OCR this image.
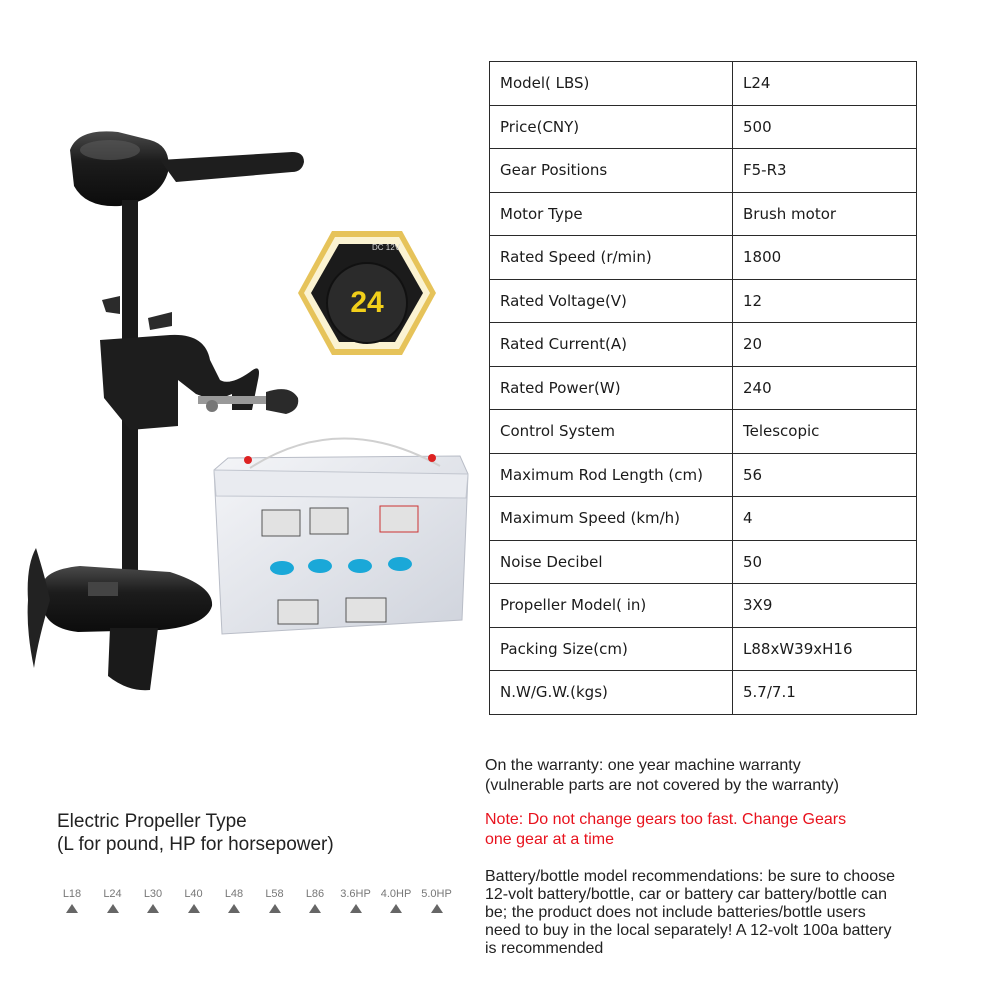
DC 12V
24
Model( LBS)	L24
Price(CNY)	500
Gear Positions	F5-R3
Motor Type	Brush motor
Rated Speed (r/min)	1800
Rated Voltage(V)	12
Rated Current(A)	20
Rated Power(W)	240
Control System	Telescopic
Maximum Rod Length (cm)	56
Maximum Speed (km/h)	4
Noise Decibel	50
Propeller Model( in)	3X9
Packing Size(cm)	L88xW39xH16
N.W/G.W.(kgs)	5.7/7.1
On the warranty: one year machine warranty
(vulnerable parts are not covered by the warranty)
Note: Do not change gears too fast. Change Gears
one gear at a time
Battery/bottle model recommendations: be sure to choose
12-volt battery/bottle, car or battery car battery/bottle can
be; the product does not include batteries/bottle users
need to buy in the local separately! A 12-volt 100a battery
is recommended
Electric Propeller Type
(L for pound, HP for horsepower)
L18	L24	L30	L40	L48	L58	L86	3.6HP 4.0HP 5.0HP
